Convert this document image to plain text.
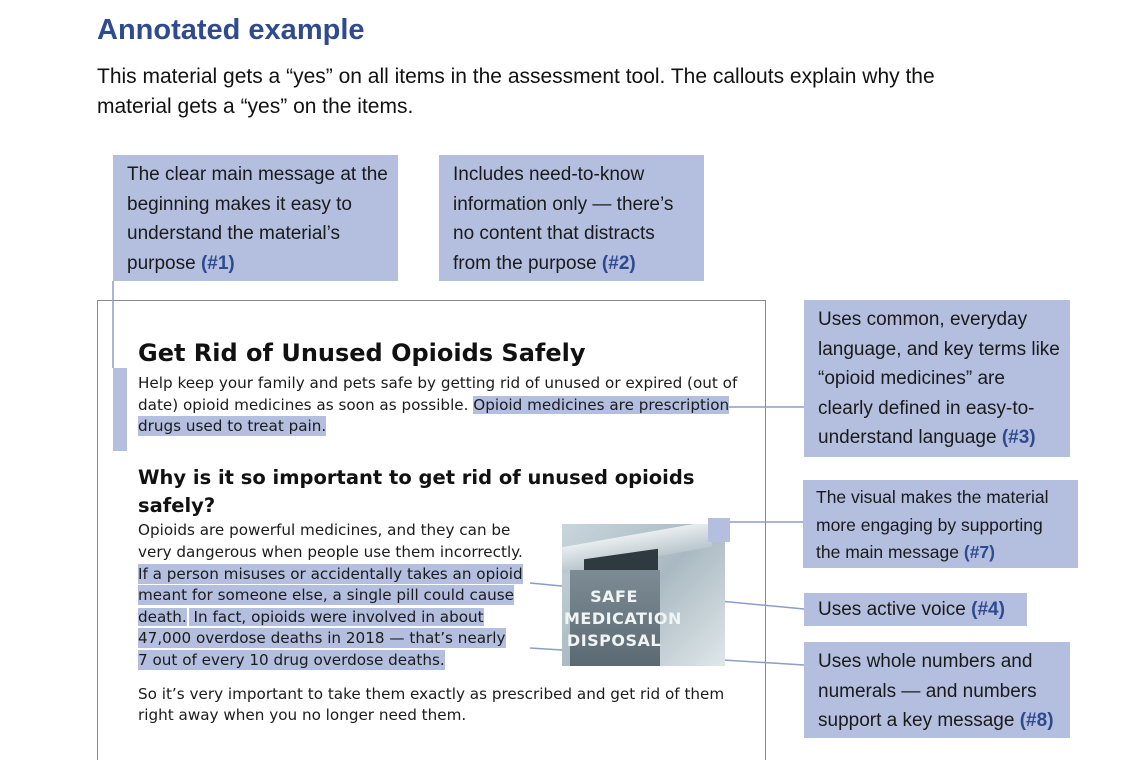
Annotated example
This material gets a “yes” on all items in the assessment tool. The callouts explain why the material gets a “yes” on the items.
The clear main message at the beginning makes it easy to understand the material’s purpose (#1)
Includes need-to-know information only — there’s no content that distracts from the purpose (#2)
Uses common, everyday language, and key terms like “opioid medicines” are clearly defined in easy-to-understand language (#3)
The visual makes the material more engaging by supporting the main message (#7)
Uses active voice (#4)
Uses whole numbers and numerals — and numbers support a key message (#8)
Get Rid of Unused Opioids Safely
Help keep your family and pets safe by getting rid of unused or expired (out of
date) opioid medicines as soon as possible. Opioid medicines are prescription
drugs used to treat pain.
Why is it so important to get rid of unused opioids safely?
Opioids are powerful medicines, and they can be
very dangerous when people use them incorrectly.
If a person misuses or accidentally takes an opioid
meant for someone else, a single pill could cause
death. In fact, opioids were involved in about
47,000 overdose deaths in 2018 — that’s nearly
7 out of every 10 drug overdose deaths.
So it’s very important to take them exactly as prescribed and get rid of them
right away when you no longer need them.
SAFE MEDICATION DISPOSAL
